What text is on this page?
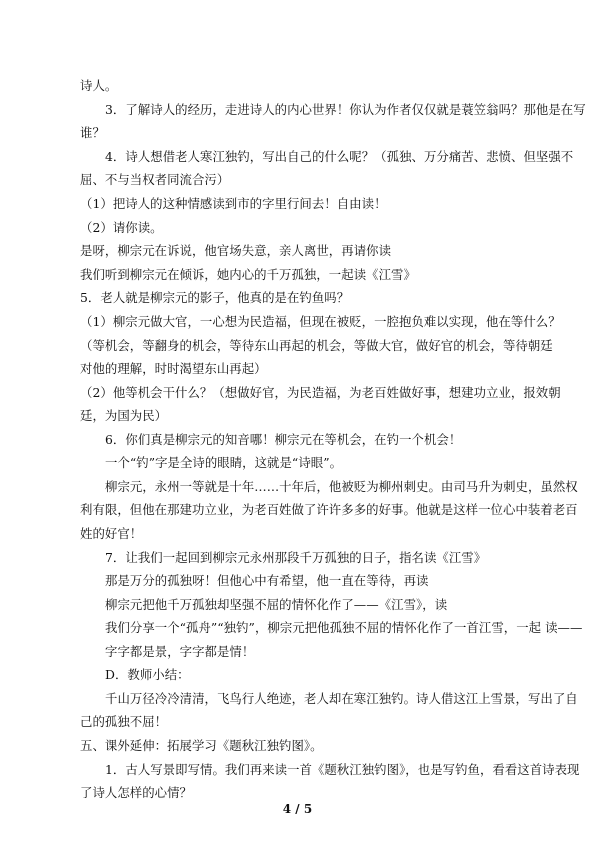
诗人。
3．了解诗人的经历，走进诗人的内心世界！你认为作者仅仅就是蓑笠翁吗？那他是在写
谁？
4．诗人想借老人寒江独钓，写出自己的什么呢？（孤独、万分痛苦、悲愤、但坚强不
屈、不与当权者同流合污）
（1）把诗人的这种情感读到市的字里行间去！自由读！
（2）请你读。
是呀，柳宗元在诉说，他官场失意，亲人离世，再请你读
我们听到柳宗元在倾诉，她内心的千万孤独，一起读《江雪》
5．老人就是柳宗元的影子，他真的是在钓鱼吗？
（1）柳宗元做大官，一心想为民造福，但现在被贬，一腔抱负难以实现，他在等什么？
（等机会，等翻身的机会，等待东山再起的机会，等做大官，做好官的机会，等待朝廷
对他的理解，时时渴望东山再起）
（2）他等机会干什么？（想做好官，为民造福，为老百姓做好事，想建功立业，报效朝
廷，为国为民）
6．你们真是柳宗元的知音哪！柳宗元在等机会，在钓一个机会！
一个“钓”字是全诗的眼睛，这就是“诗眼”。
柳宗元，永州一等就是十年……十年后，他被贬为柳州刺史。由司马升为刺史，虽然权
利有限，但他在那建功立业，为老百姓做了许许多多的好事。他就是这样一位心中装着老百
姓的好官！
7．让我们一起回到柳宗元永州那段千万孤独的日子，指名读《江雪》
那是万分的孤独呀！但他心中有希望，他一直在等待，再读
柳宗元把他千万孤独却坚强不屈的情怀化作了——《江雪》，读
我们分享一个“孤舟”“独钓”，柳宗元把他孤独不屈的情怀化作了一首江雪，一起 读——
字字都是景，字字都是情！
D．教师小结：
千山万径冷冷清清，飞鸟行人绝迹，老人却在寒江独钓。诗人借这江上雪景，写出了自
己的孤独不屈！
五、课外延伸：拓展学习《题秋江独钓图》。
1．古人写景即写情。我们再来读一首《题秋江独钓图》，也是写钓鱼，看看这首诗表现
了诗人怎样的心情？
4 / 5
